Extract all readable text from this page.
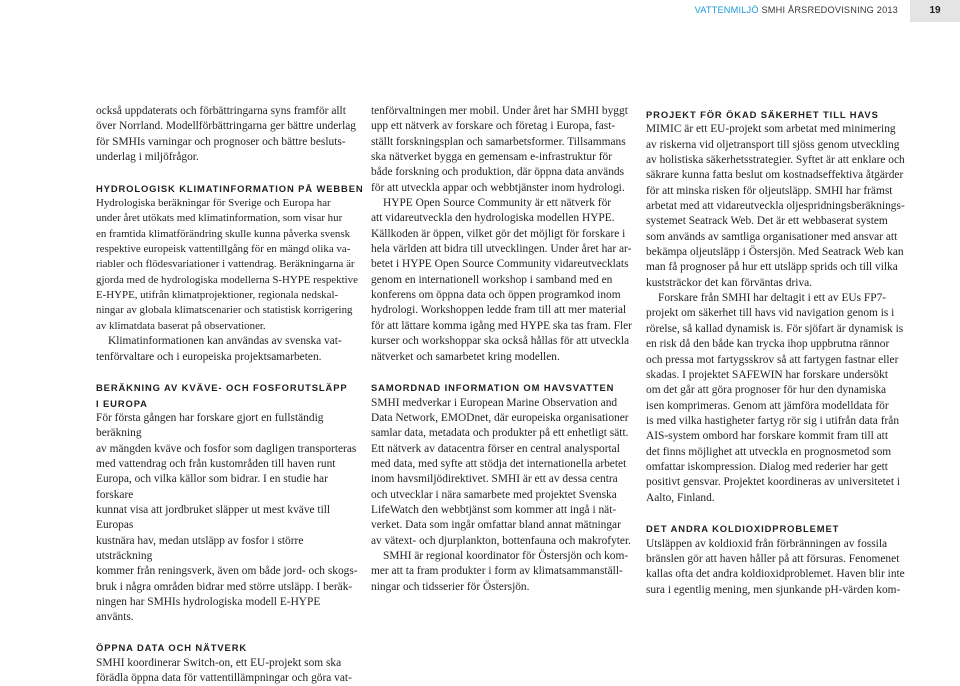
VATTENMILJÖ SMHI ÅRSREDOVISNING 2013	19

också uppdaterats och förbättringarna syns framför allt
över Norrland. Modellförbättringarna ger bättre underlag
för SMHIs varningar och prognoser och bättre besluts-
underlag i miljöfrågor.

HYDROLOGISK KLIMATINFORMATION PÅ WEBBEN

Hydrologiska beräkningar för Sverige och Europa har
under året utökats med klimatinformation, som visar hur
en framtida klimatförändring skulle kunna påverka svensk
respektive europeisk vattentillgång för en mängd olika va-
riabler och flödesvariationer i vattendrag. Beräkningarna är
gjorda med de hydrologiska modellerna S-HYPE respektive
E-HYPE, utifrån klimatprojektioner, regionala nedskal-
ningar av globala klimatscenarier och statistisk korrigering
av klimatdata baserat på observationer.

Klimatinformationen kan användas av svenska vat-
tenförvaltare och i europeiska projektsamarbeten.

BERÄKNING AV KVÄVE- OCH FOSFORUTSLÄPP
I EUROPA

För första gången har forskare gjort en fullständig beräkning
av mängden kväve och fosfor som dagligen transporteras
med vattendrag och från kustområden till haven runt
Europa, och vilka källor som bidrar. I en studie har forskare
kunnat visa att jordbruket släpper ut mest kväve till Europas
kustnära hav, medan utsläpp av fosfor i större utsträckning
kommer från reningsverk, även om både jord- och skogs-
bruk i några områden bidrar med större utsläpp. I beräk-
ningen har SMHIs hydrologiska modell E-HYPE använts.

ÖPPNA DATA OCH NÄTVERK

SMHI koordinerar Switch-on, ett EU-projekt som ska
förädla öppna data för vattentillämpningar och göra vat-

tenförvaltningen mer mobil. Under året har SMHI byggt
upp ett nätverk av forskare och företag i Europa, fast-
ställt forskningsplan och samarbetsformer. Tillsammans
ska nätverket bygga en gemensam e-infrastruktur för
både forskning och produktion, där öppna data används
för att utveckla appar och webbtjänster inom hydrologi.

HYPE Open Source Community är ett nätverk för
att vidareutveckla den hydrologiska modellen HYPE.
Källkoden är öppen, vilket gör det möjligt för forskare i
hela världen att bidra till utvecklingen. Under året har ar-
betet i HYPE Open Source Community vidareutvecklats
genom en internationell workshop i samband med en
konferens om öppna data och öppen programkod inom
hydrologi. Workshoppen ledde fram till att mer material
för att lättare komma igång med HYPE ska tas fram. Fler
kurser och workshoppar ska också hållas för att utveckla
nätverket och samarbetet kring modellen.

SAMORDNAD INFORMATION OM HAVSVATTEN

SMHI medverkar i European Marine Observation and
Data Network, EMODnet, där europeiska organisationer
samlar data, metadata och produkter på ett enhetligt sätt.
Ett nätverk av datacentra förser en central analysportal
med data, med syfte att stödja det internationella arbetet
inom havsmiljödirektivet. SMHI är ett av dessa centra
och utvecklar i nära samarbete med projektet Svenska
LifeWatch den webbtjänst som kommer att ingå i nät-
verket. Data som ingår omfattar bland annat mätningar
av vätext- och djurplankton, bottenfauna och makrofyter.

SMHI är regional koordinator för Östersjön och kom-
mer att ta fram produkter i form av klimatsammanställ-
ningar och tidsserier för Östersjön.

PROJEKT FÖR ÖKAD SÄKERHET TILL HAVS

MIMIC är ett EU-projekt som arbetat med minimering
av riskerna vid oljetransport till sjöss genom utveckling
av holistiska säkerhetsstrategier. Syftet är att enklare och
säkrare kunna fatta beslut om kostnadseffektiva åtgärder
för att minska risken för oljeutsläpp. SMHI har främst
arbetat med att vidareutveckla oljespridningsberäknings-
systemet Seatrack Web. Det är ett webbaserat system
som används av samtliga organisationer med ansvar att
bekämpa oljeutsläpp i Östersjön. Med Seatrack Web kan
man få prognoser på hur ett utsläpp sprids och till vilka
kuststräckor det kan förväntas driva.

Forskare från SMHI har deltagit i ett av EUs FP7-
projekt om säkerhet till havs vid navigation genom is i
rörelse, så kallad dynamisk is. För sjöfart är dynamisk is
en risk då den både kan trycka ihop uppbrutna rännor
och pressa mot fartygsskrov så att fartygen fastnar eller
skadas. I projektet SAFEWIN har forskare undersökt
om det går att göra prognoser för hur den dynamiska
isen komprimeras. Genom att jämföra modelldata för
is med vilka hastigheter fartyg rör sig i utifrån data från
AIS-system ombord har forskare kommit fram till att
det finns möjlighet att utveckla en prognosmetod som
omfattar iskompression. Dialog med rederier har gett
positivt gensvar. Projektet koordineras av universitetet i
Aalto, Finland.

DET ANDRA KOLDIOXIDPROBLEMET

Utsläppen av koldioxid från förbränningen av fossila
bränslen gör att haven håller på att försuras. Fenomenet
kallas ofta det andra koldioxidproblemet. Haven blir inte
sura i egentlig mening, men sjunkande pH-värden kom-
